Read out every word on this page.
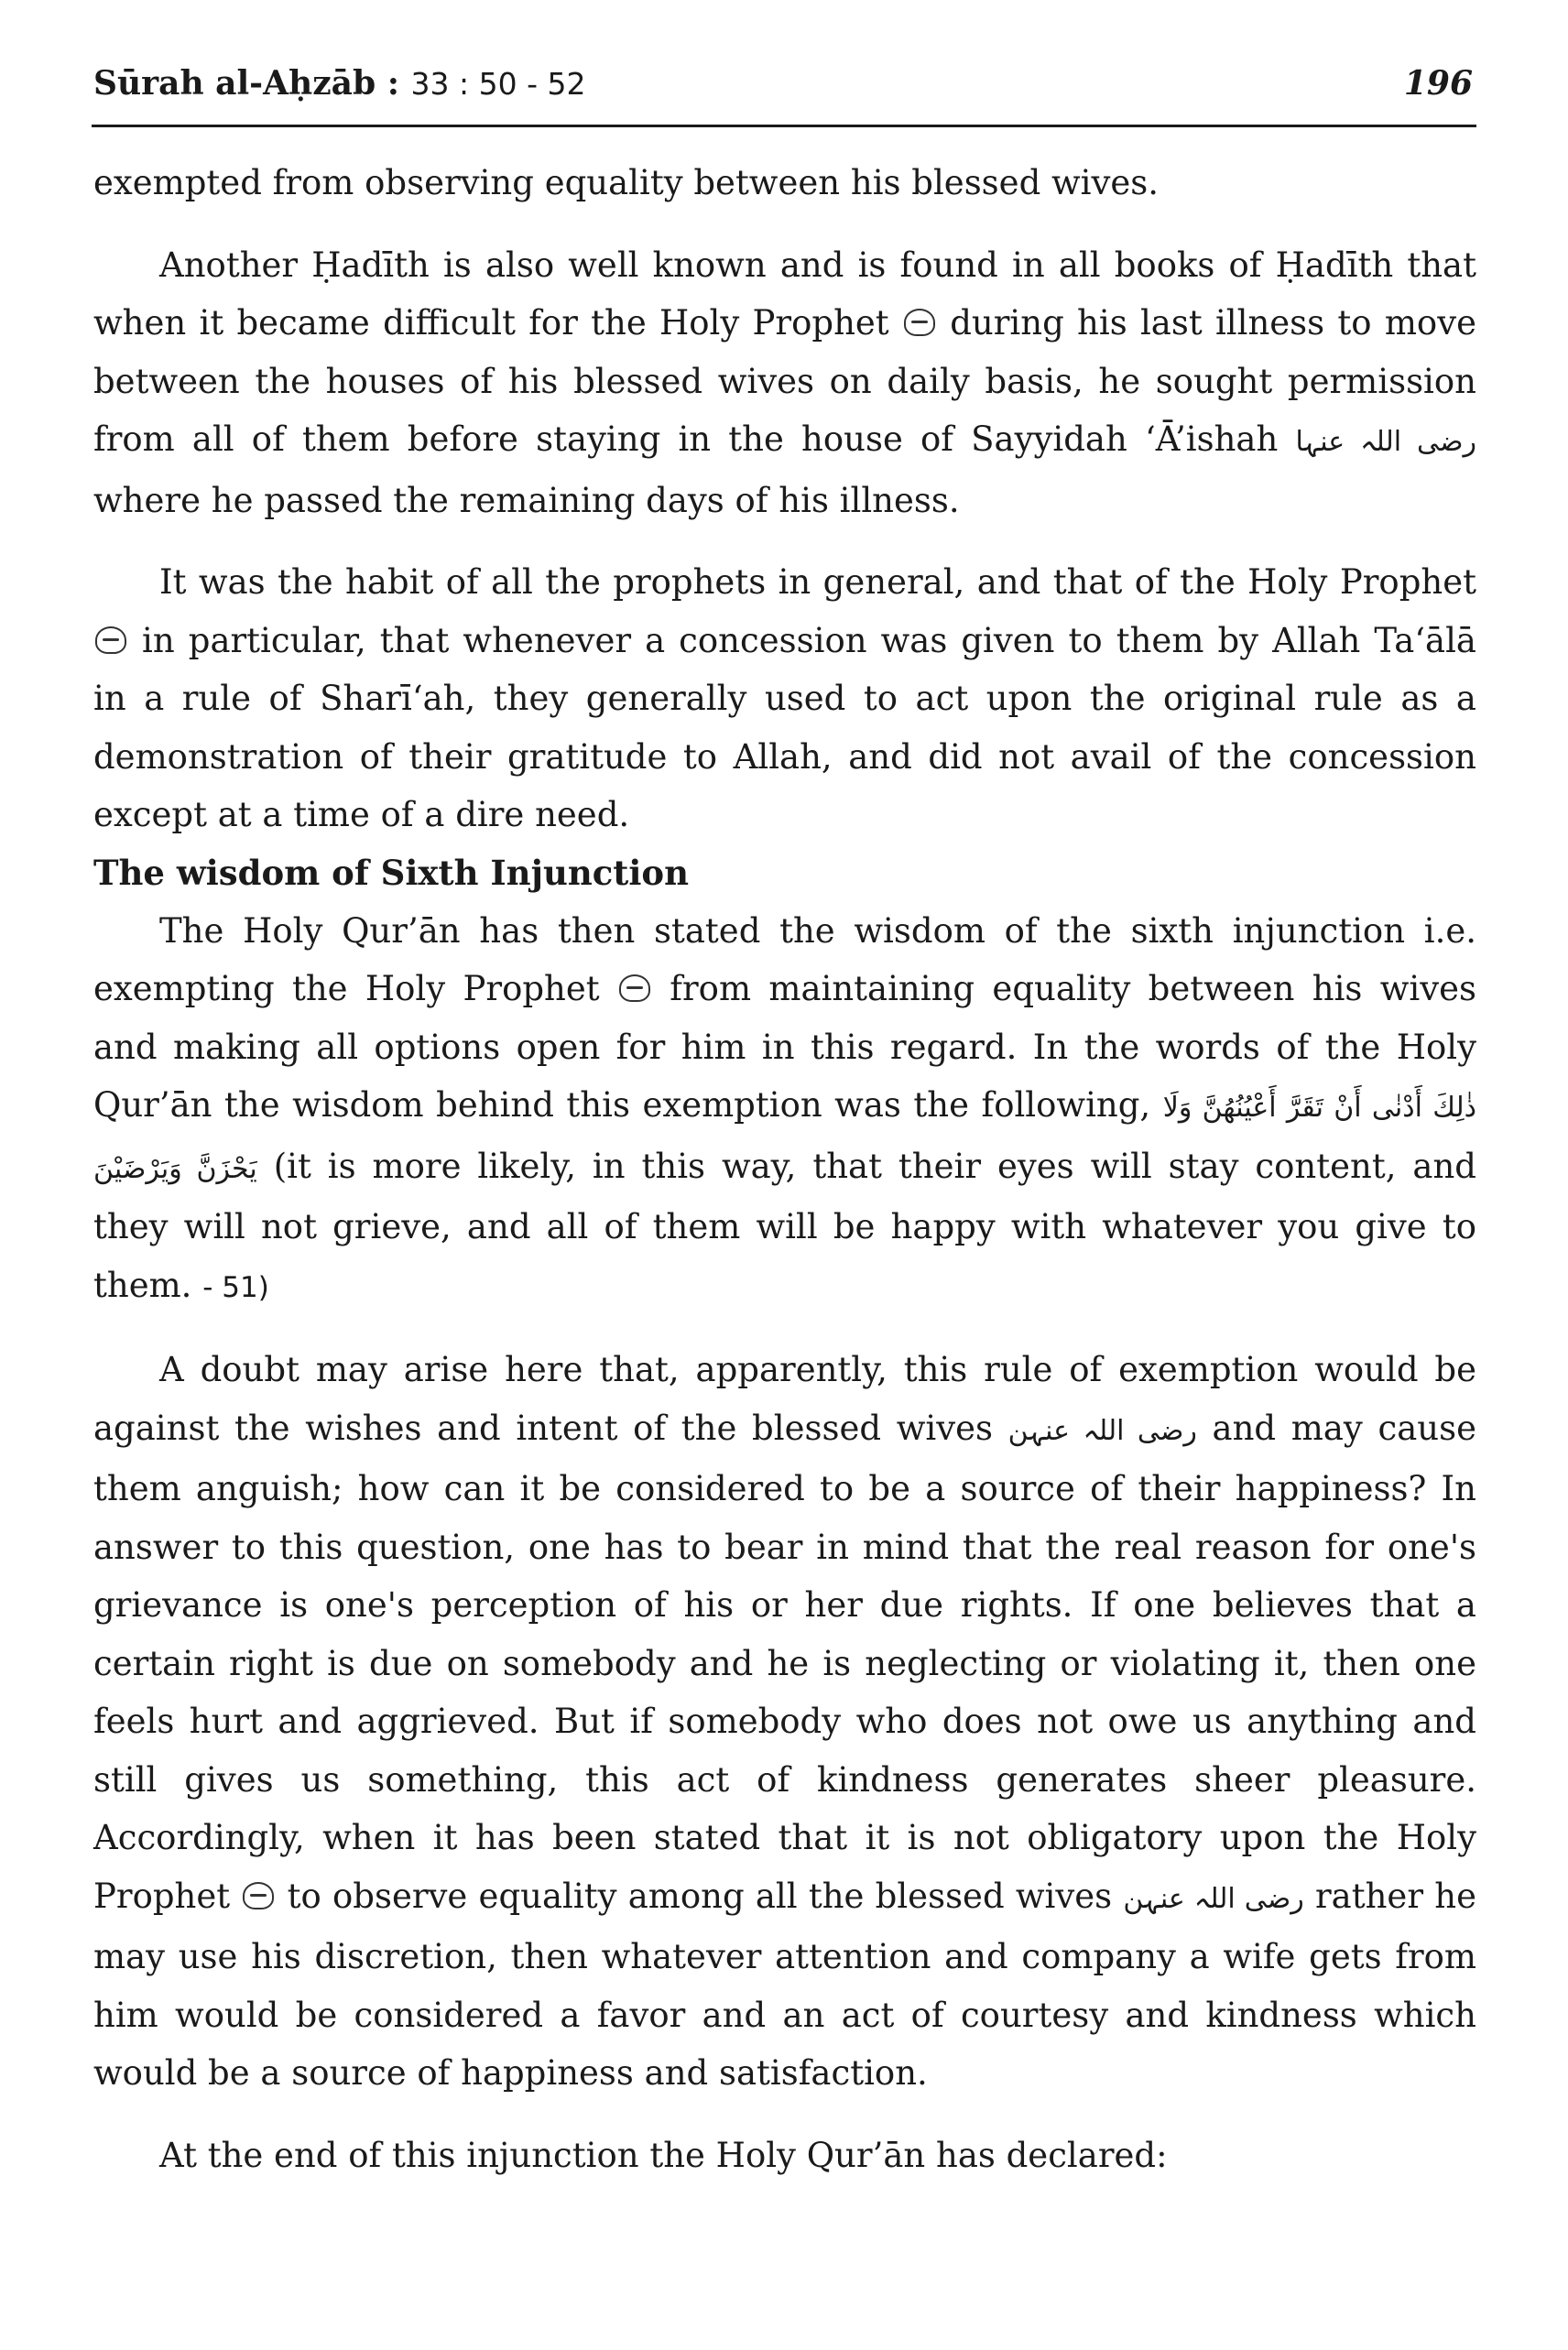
Sūrah al-Aḥzāb : 33 : 50 - 52	196

exempted from observing equality between his blessed wives.

Another Ḥadīth is also well known and is found in all books of Ḥadīth that when it became difficult for the Holy Prophet  during his last illness to move between the houses of his blessed wives on daily basis, he sought permission from all of them before staying in the house of Sayyidah ‘Ā’ishah رضی اللہ عنہا where he passed the remaining days of his illness.

It was the habit of all the prophets in general, and that of the Holy Prophet  in particular, that whenever a concession was given to them by Allah Ta‘ālā in a rule of Sharī‘ah, they generally used to act upon the original rule as a demonstration of their gratitude to Allah, and did not avail of the concession except at a time of a dire need.

The wisdom of Sixth Injunction

The Holy Qur’ān has then stated the wisdom of the sixth injunction i.e. exempting the Holy Prophet  from maintaining equality between his wives and making all options open for him in this regard. In the words of the Holy Qur’ān the wisdom behind this exemption was the following, ذٰلِكَ أَدْنٰى أَنْ تَقَرَّ أَعْيُنُهُنَّ وَلَا يَحْزَنَّ وَيَرْضَيْنَ (it is more likely, in this way, that their eyes will stay content, and they will not grieve, and all of them will be happy with whatever you give to them. - 51)

A doubt may arise here that, apparently, this rule of exemption would be against the wishes and intent of the blessed wives رضی اللہ عنہن and may cause them anguish; how can it be considered to be a source of their happiness? In answer to this question, one has to bear in mind that the real reason for one's grievance is one's perception of his or her due rights. If one believes that a certain right is due on somebody and he is neglecting or violating it, then one feels hurt and aggrieved. But if somebody who does not owe us anything and still gives us something, this act of kindness generates sheer pleasure. Accordingly, when it has been stated that it is not obligatory upon the Holy Prophet  to observe equality among all the blessed wives رضی اللہ عنہن rather he may use his discretion, then whatever attention and company a wife gets from him would be considered a favor and an act of courtesy and kindness which would be a source of happiness and satisfaction.

At the end of this injunction the Holy Qur’ān has declared:
